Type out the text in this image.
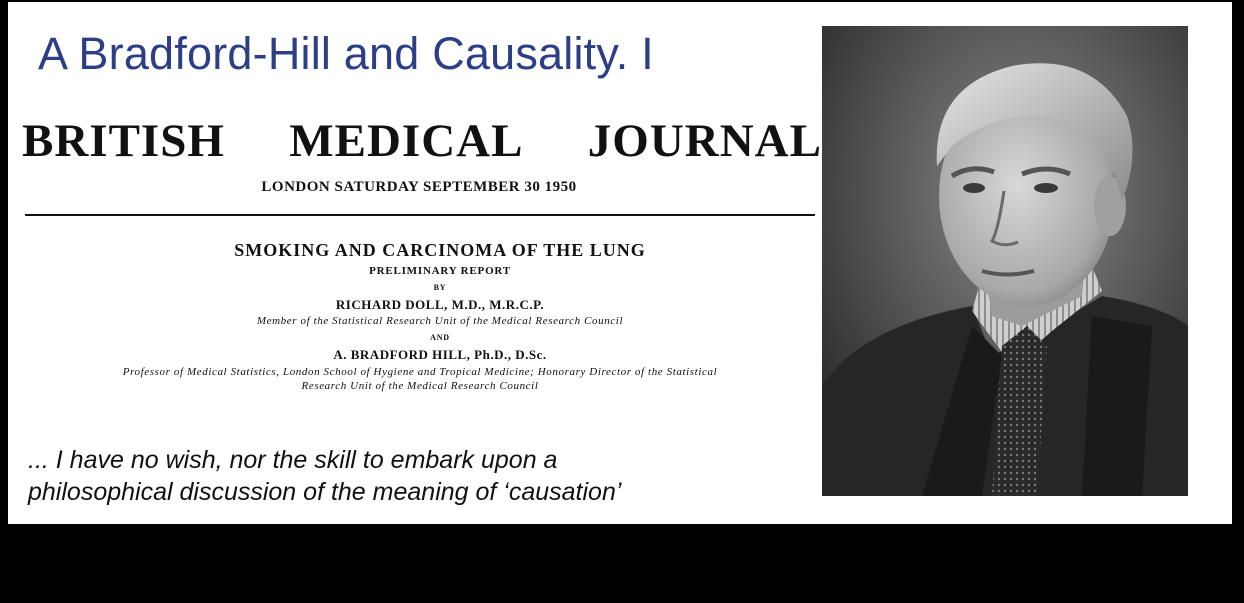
A Bradford-Hill and Causality. I
BRITISH MEDICAL JOURNAL
LONDON SATURDAY SEPTEMBER 30 1950
SMOKING AND CARCINOMA OF THE LUNG
PRELIMINARY REPORT
BY
RICHARD DOLL, M.D., M.R.C.P.
Member of the Statistical Research Unit of the Medical Research Council
AND
A. BRADFORD HILL, Ph.D., D.Sc.
Professor of Medical Statistics, London School of Hygiene and Tropical Medicine; Honorary Director of the Statistical
Research Unit of the Medical Research Council
... I have no wish, nor the skill to embark upon a
philosophical discussion of the meaning of ‘causation’
